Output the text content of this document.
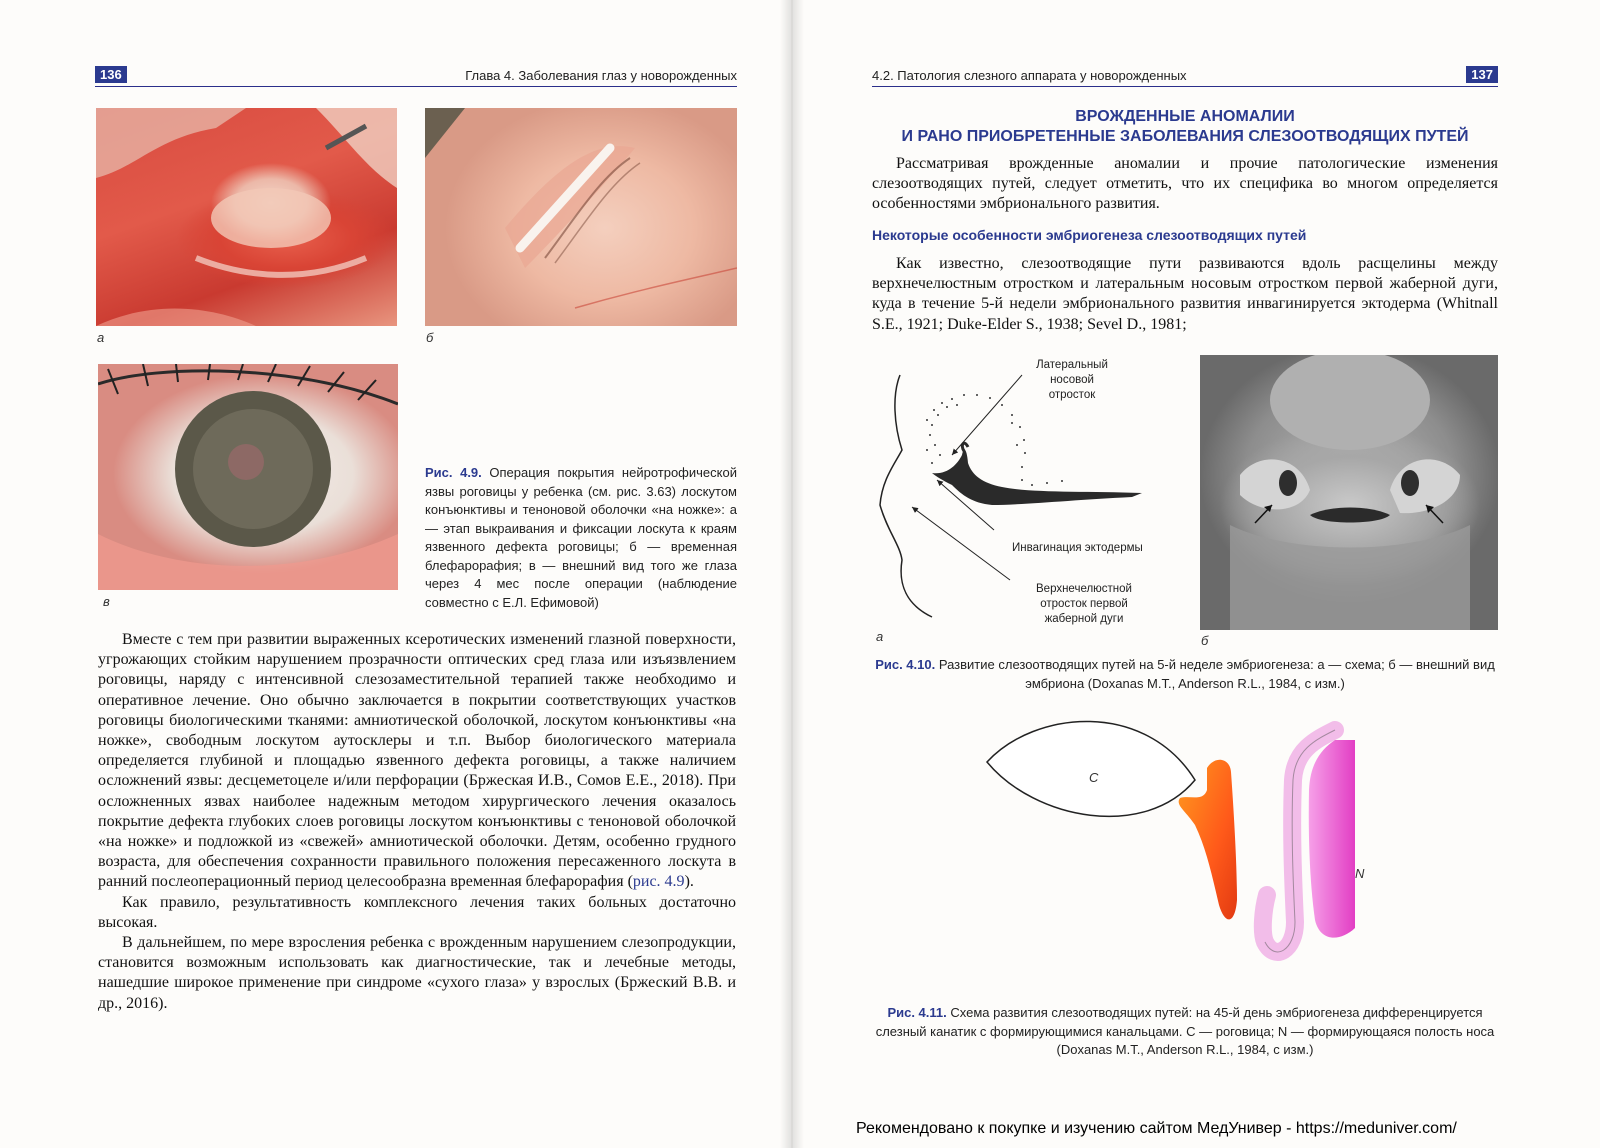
136	Глава 4. Заболевания глаз у новорожденных
а	б
в
Рис. 4.9. Операция покрытия нейротрофической язвы роговицы у ребенка (см. рис. 3.63) лоскутом конъюнктивы и теноновой оболочки «на ножке»: а — этап выкраивания и фиксации лоскута к краям язвенного дефекта роговицы; б — временная блефарорафия; в — внешний вид того же глаза через 4 мес после операции (наблюдение совместно с Е.Л. Ефимовой)

Вместе с тем при развитии выраженных ксеротических изменений глазной поверхности, угрожающих стойким нарушением прозрачности оптических сред глаза или изъязвлением роговицы, наряду с интенсивной слезозаместительной терапией также необходимо и оперативное лечение. Оно обычно заключается в покрытии соответствующих участков роговицы биологическими тканями: амниотической оболочкой, лоскутом конъюнктивы «на ножке», свободным лоскутом аутосклеры и т.п. Выбор биологического материала определяется глубиной и площадью язвенного дефекта роговицы, а также наличием осложнений язвы: десцеметоцеле и/или перфорации (Бржеская И.В., Сомов Е.Е., 2018). При осложненных язвах наиболее надежным методом хирургического лечения оказалось покрытие дефекта глубоких слоев роговицы лоскутом конъюнктивы с теноновой оболочкой «на ножке» и подложкой из «свежей» амниотической оболочки. Детям, особенно грудного возраста, для обеспечения сохранности правильного положения пересаженного лоскута в ранний послеоперационный период целесообразна временная блефарорафия (рис. 4.9).

Как правило, результативность комплексного лечения таких больных достаточно высокая.

В дальнейшем, по мере взросления ребенка с врожденным нарушением слезопродукции, становится возможным использовать как диагностические, так и лечебные методы, нашедшие широкое применение при синдроме «сухого глаза» у взрослых (Бржеский В.В. и др., 2016).

4.2. Патология слезного аппарата у новорожденных	137
ВРОЖДЕННЫЕ АНОМАЛИИ
И РАНО ПРИОБРЕТЕННЫЕ ЗАБОЛЕВАНИЯ СЛЕЗООТВОДЯЩИХ ПУТЕЙ

Рассматривая врожденные аномалии и прочие патологические изменения слезоотводящих путей, следует отметить, что их специфика во многом определяется особенностями эмбрионального развития.

Некоторые особенности эмбриогенеза слезоотводящих путей

Как известно, слезоотводящие пути развиваются вдоль расщелины между верхнечелюстным отростком и латеральным носовым отростком первой жаберной дуги, куда в течение 5-й недели эмбрионального развития инвагинируется эктодерма (Whitnall S.E., 1921; Duke-Elder S., 1938; Sevel D., 1981;

Латеральный
носовой
отросток
Инвагинация эктодермы
Верхнечелюстной
отросток первой
жаберной дуги
а	б
Рис. 4.10. Развитие слезоотводящих путей на 5-й неделе эмбриогенеза: а — схема; б — внешний вид эмбриона (Doxanas M.T., Anderson R.L., 1984, с изм.)
C
N
Рис. 4.11. Схема развития слезоотводящих путей: на 45-й день эмбриогенеза дифференцируется слезный канатик с формирующимися канальцами. C — роговица; N — формирующаяся полость носа (Doxanas M.T., Anderson R.L., 1984, с изм.)
Рекомендовано к покупке и изучению сайтом МедУнивер - https://meduniver.com/
